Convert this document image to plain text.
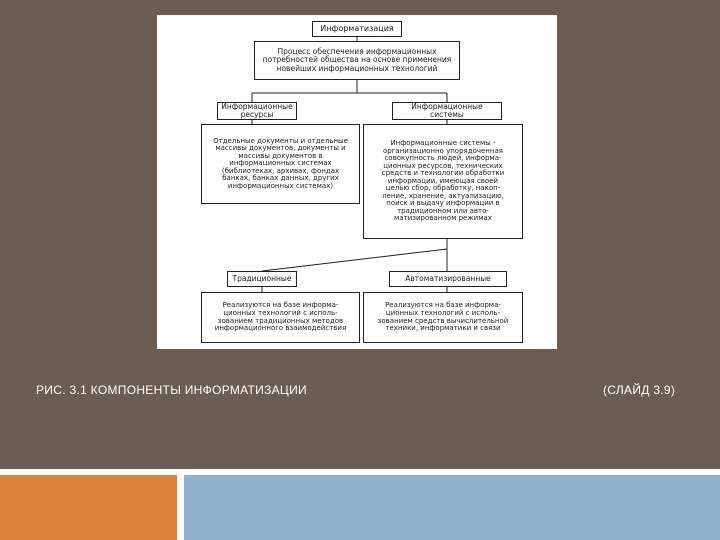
Информатизация
Процесс обеспечения информационных
потребностей общества на основе применения
новейших информационных технологий
Информационные
ресурсы
Информационные
системы
Отдельные документы и отдельные
массивы документов, документы и
массивы документов в
информационных системах
(библиотеках, архивах, фондах
банках, банках данных, других
информационных системах)
Информационные системы -
организационно упорядоченная
совокупность людей, информа-
ционных ресурсов, технических
средств и технологии обработки
информации, имеющая своей
целью сбор, обработку, накоп-
ление, хранение, актуализацию,
поиск и выдачу информации в
традиционном или авто-
матизированном режимах
Традиционные	Автоматизированные
Реализуются на базе информа-
ционных технологий с исполь-
зованием традиционных методов
информационного взаимодействия
Реализуются на базе информа-
ционных технологий с исполь-
зованием средств вычислительной
техники, информатики и связи
РИС. 3.1 КОМПОНЕНТЫ ИНФОРМАТИЗАЦИИ	(СЛАЙД 3.9)
